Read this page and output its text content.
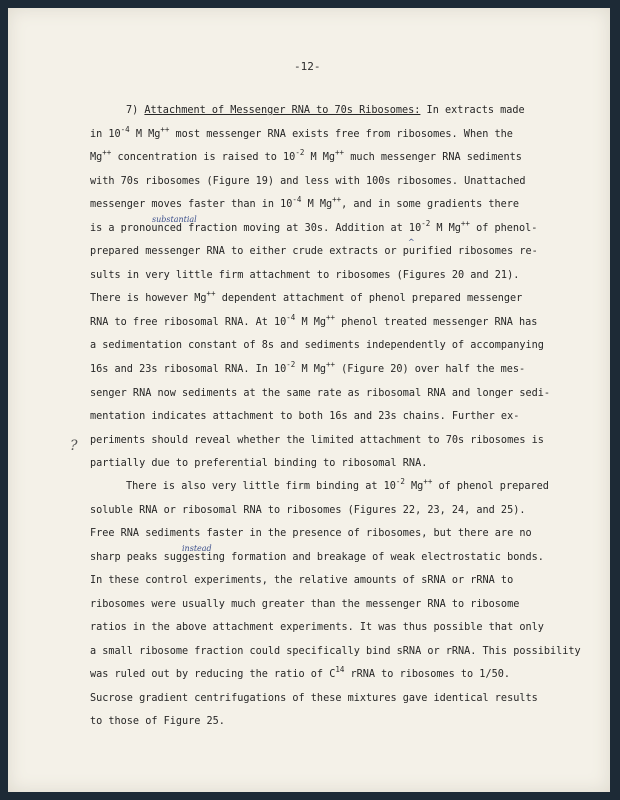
-12-
7) Attachment of Messenger RNA to 70s Ribosomes: In extracts made
in $10^{-4}$ M Mg++ most messenger RNA exists free from ribosomes. When the
Mg++ concentration is raised to $10^{-2}$ M Mg++ much messenger RNA sediments
with 70s ribosomes (Figure 19) and less with 100s ribosomes. Unattached
messenger moves faster than in $10^{-4}$ M Mg++, and in some gradients there
is a pronounced fraction moving at 30s. Addition at $10^{-2}$ M Mg++ of phenol-
substantial
prepared messenger RNA to either crude extracts or purified ribosomes re-
^
sults in very little firm attachment to ribosomes (Figures 20 and 21).
There is however Mg++ dependent attachment of phenol prepared messenger
RNA to free ribosomal RNA. At $10^{-4}$ M Mg++ phenol treated messenger RNA has
a sedimentation constant of 8s and sediments independently of accompanying
16s and 23s ribosomal RNA. In $10^{-2}$ M Mg++ (Figure 20) over half the mes-
senger RNA now sediments at the same rate as ribosomal RNA and longer sedi-
mentation indicates attachment to both 16s and 23s chains. Further ex-
periments should reveal whether the limited attachment to 70s ribosomes is
partially due to preferential binding to ribosomal RNA.
?
There is also very little firm binding at $10^{-2}$ Mg++ of phenol prepared
soluble RNA or ribosomal RNA to ribosomes (Figures 22, 23, 24, and 25).
Free RNA sediments faster in the presence of ribosomes, but there are no
sharp peaks suggesting formation and breakage of weak electrostatic bonds.
instead
In these control experiments, the relative amounts of sRNA or rRNA to
ribosomes were usually much greater than the messenger RNA to ribosome
ratios in the above attachment experiments. It was thus possible that only
a small ribosome fraction could specifically bind sRNA or rRNA. This possibility
was ruled out by reducing the ratio of $C^{14}$ rRNA to ribosomes to 1/50.
Sucrose gradient centrifugations of these mixtures gave identical results
to those of Figure 25.
